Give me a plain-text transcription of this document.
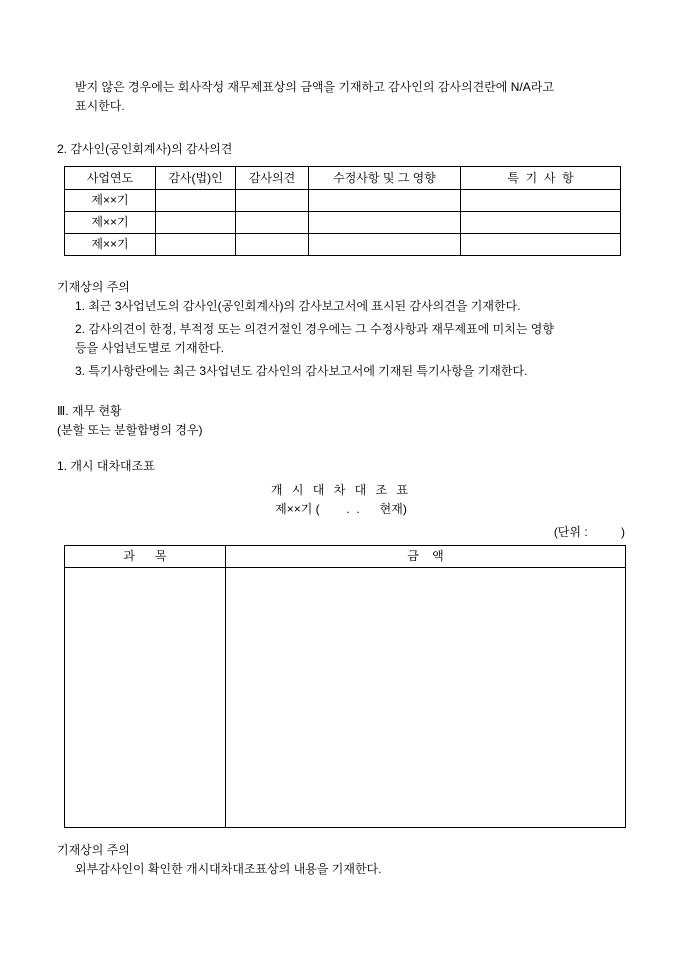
받지 않은 경우에는 회사작성 재무제표상의 금액을 기재하고 감사인의 감사의견란에 N/A라고
표시한다.
2. 감사인(공인회계사)의 감사의견
사업연도	감사(법)인	감사의견	수정사항 및 그 영향	특  기  사  항
제××기				
제××기				
제××기				
기재상의 주의
1. 최근 3사업년도의 감사인(공인회계사)의 감사보고서에 표시된 감사의견을 기재한다.
2. 감사의견이 한정, 부적정 또는 의견거절인 경우에는 그 수정사항과 재무제표에 미치는 영향
등을 사업년도별로 기재한다.
3. 특기사항란에는 최근 3사업년도 감사인의 감사보고서에 기재된 특기사항을 기재한다.
Ⅲ. 재무 현황
(분할 또는 분할합병의 경우)
1. 개시 대차대조표
개 시 대 차 대 조 표
제××기 (        .  .      현재)
(단위 :          )
과      목	금    액

기재상의 주의
외부감사인이 확인한 개시대차대조표상의 내용을 기재한다.
